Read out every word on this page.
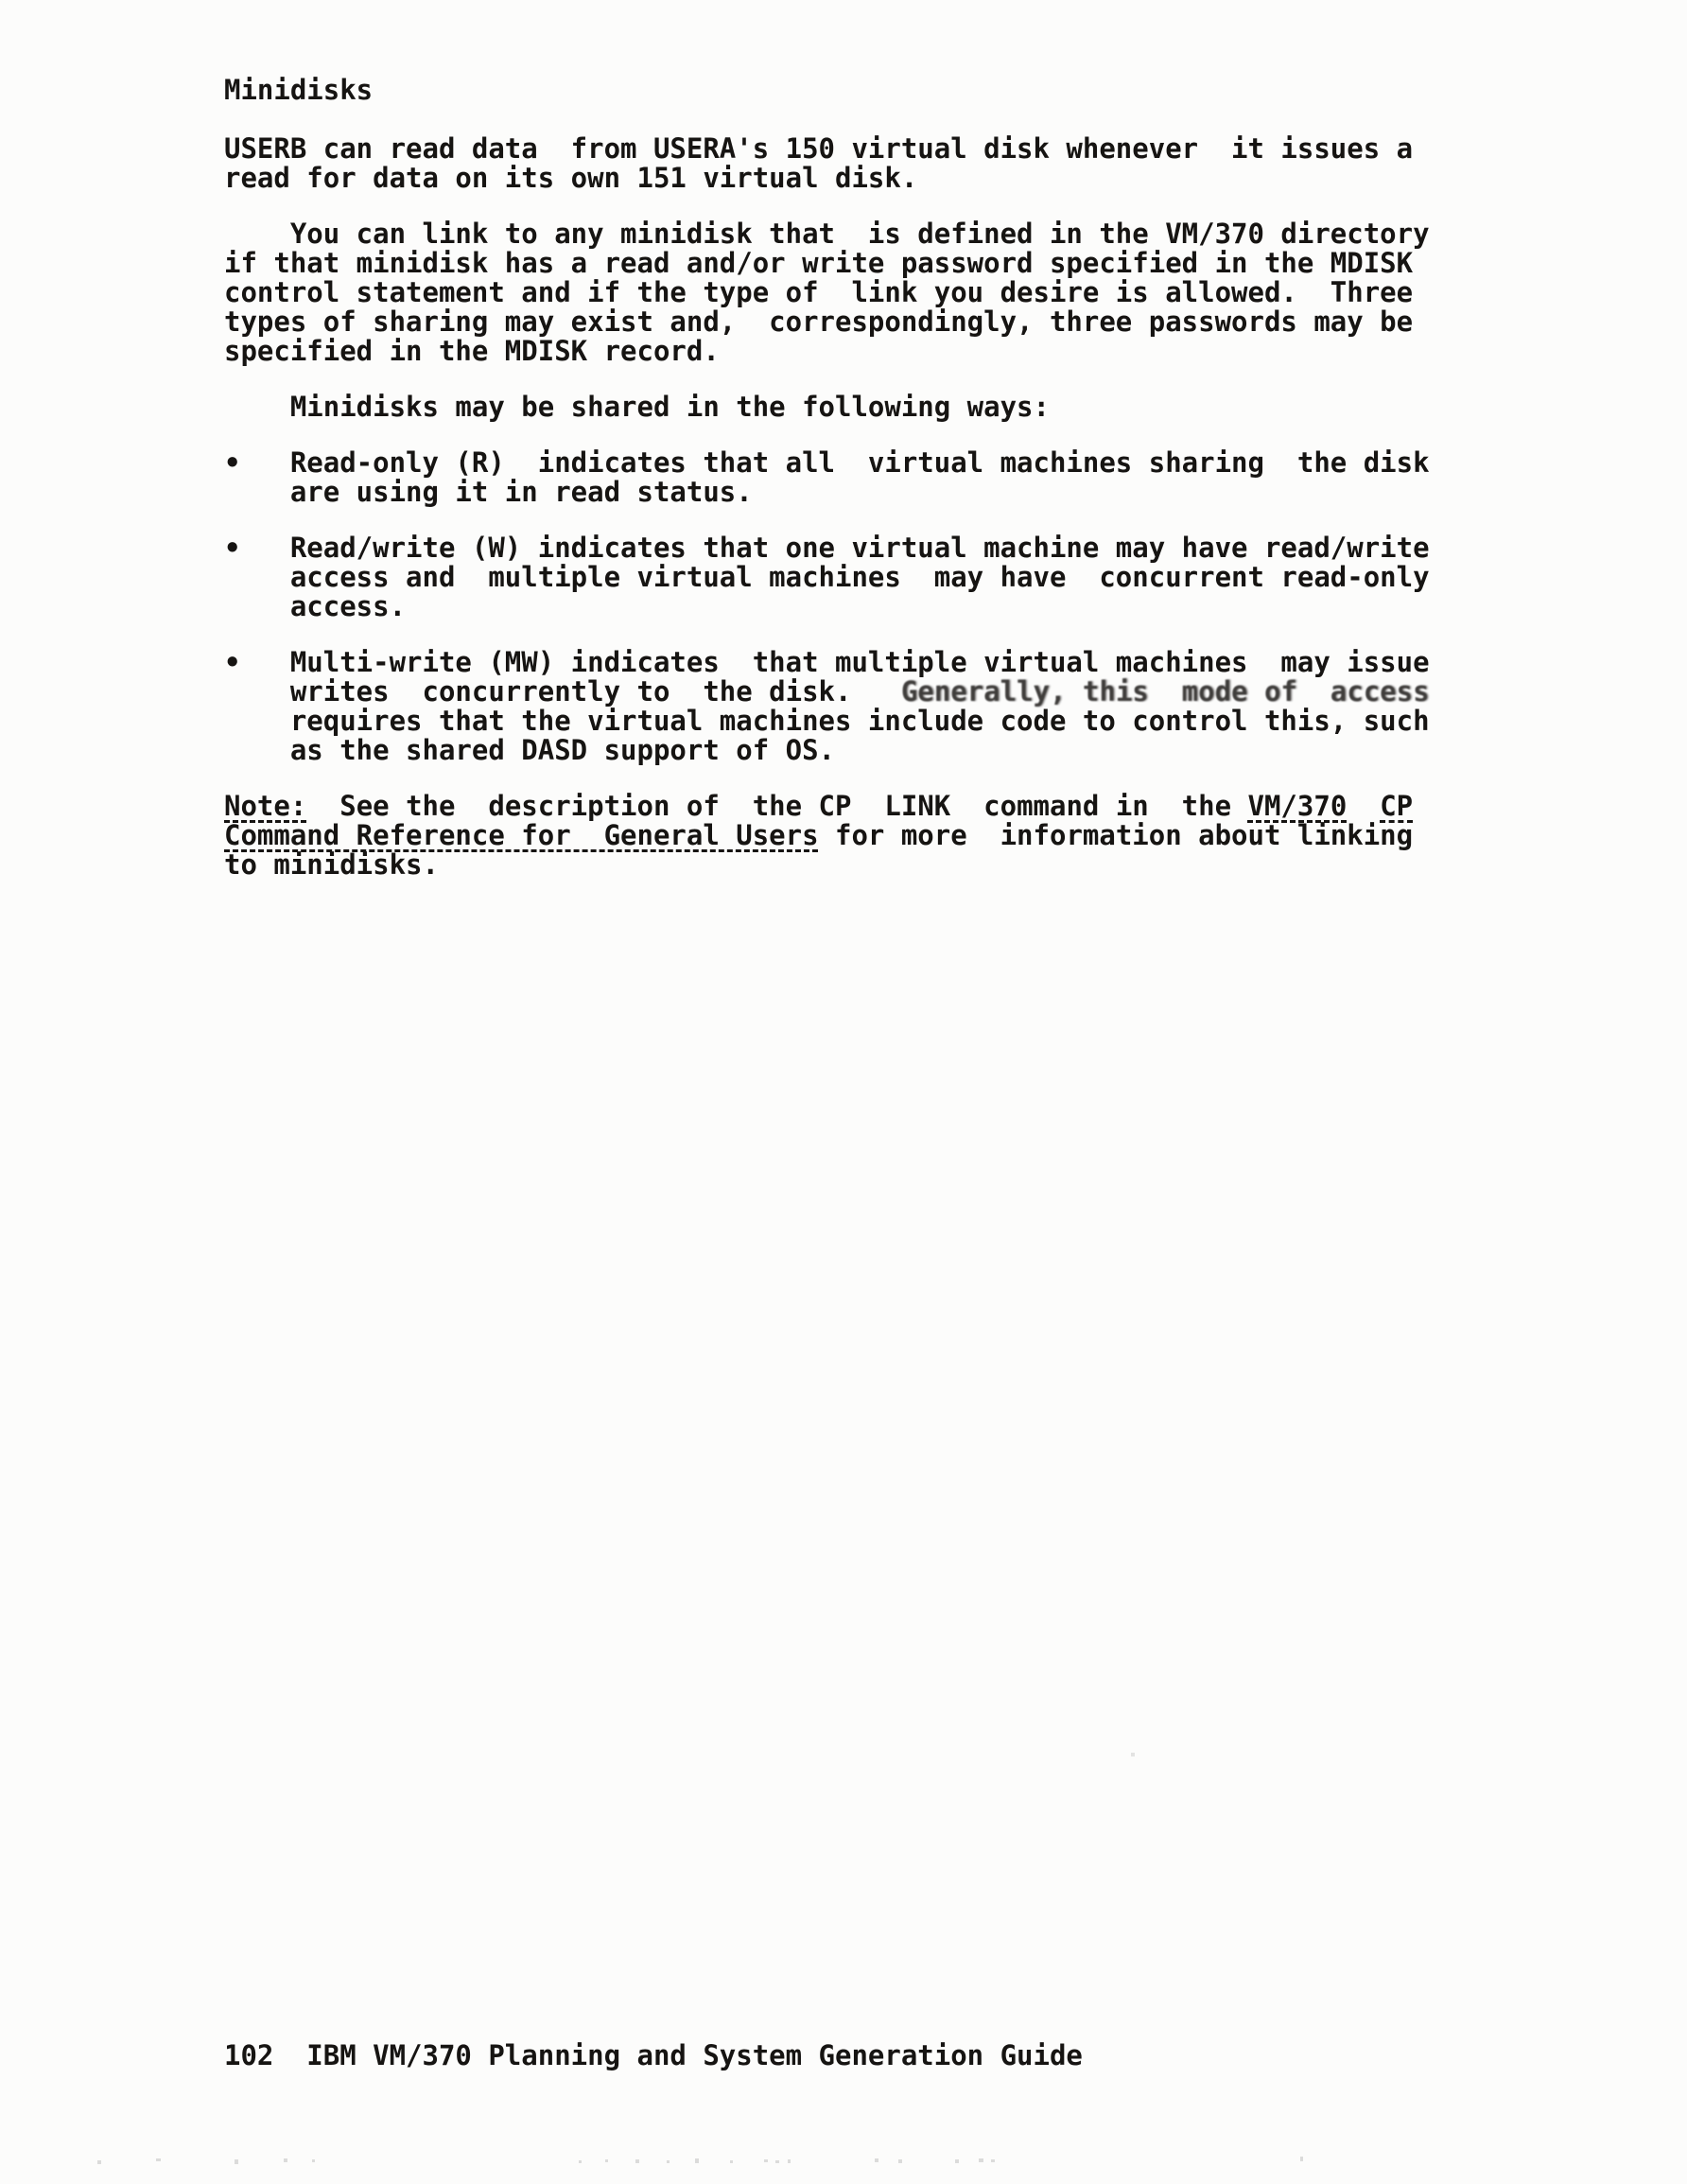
Minidisks
USERB can read data  from USERA's 150 virtual disk whenever  it issues a
read for data on its own 151 virtual disk.
You can link to any minidisk that  is defined in the VM/370 directory
if that minidisk has a read and/or write password specified in the MDISK
control statement and if the type of  link you desire is allowed.  Three
types of sharing may exist and,  correspondingly, three passwords may be
specified in the MDISK record.
Minidisks may be shared in the following ways:
•   Read-only (R)  indicates that all  virtual machines sharing  the disk
are using it in read status.
•   Read/write (W) indicates that one virtual machine may have read/write
access and  multiple virtual machines  may have  concurrent read-only
access.
•   Multi-write (MW) indicates  that multiple virtual machines  may issue
writes  concurrently to  the disk.   Generally, this  mode of  access
requires that the virtual machines include code to control this, such
as the shared DASD support of OS.
Note:  See the  description of  the CP  LINK  command in  the VM/370 CP
Command Reference for  General Users for more  information about linking
to minidisks.
102 IBM VM/370 Planning and System Generation Guide
